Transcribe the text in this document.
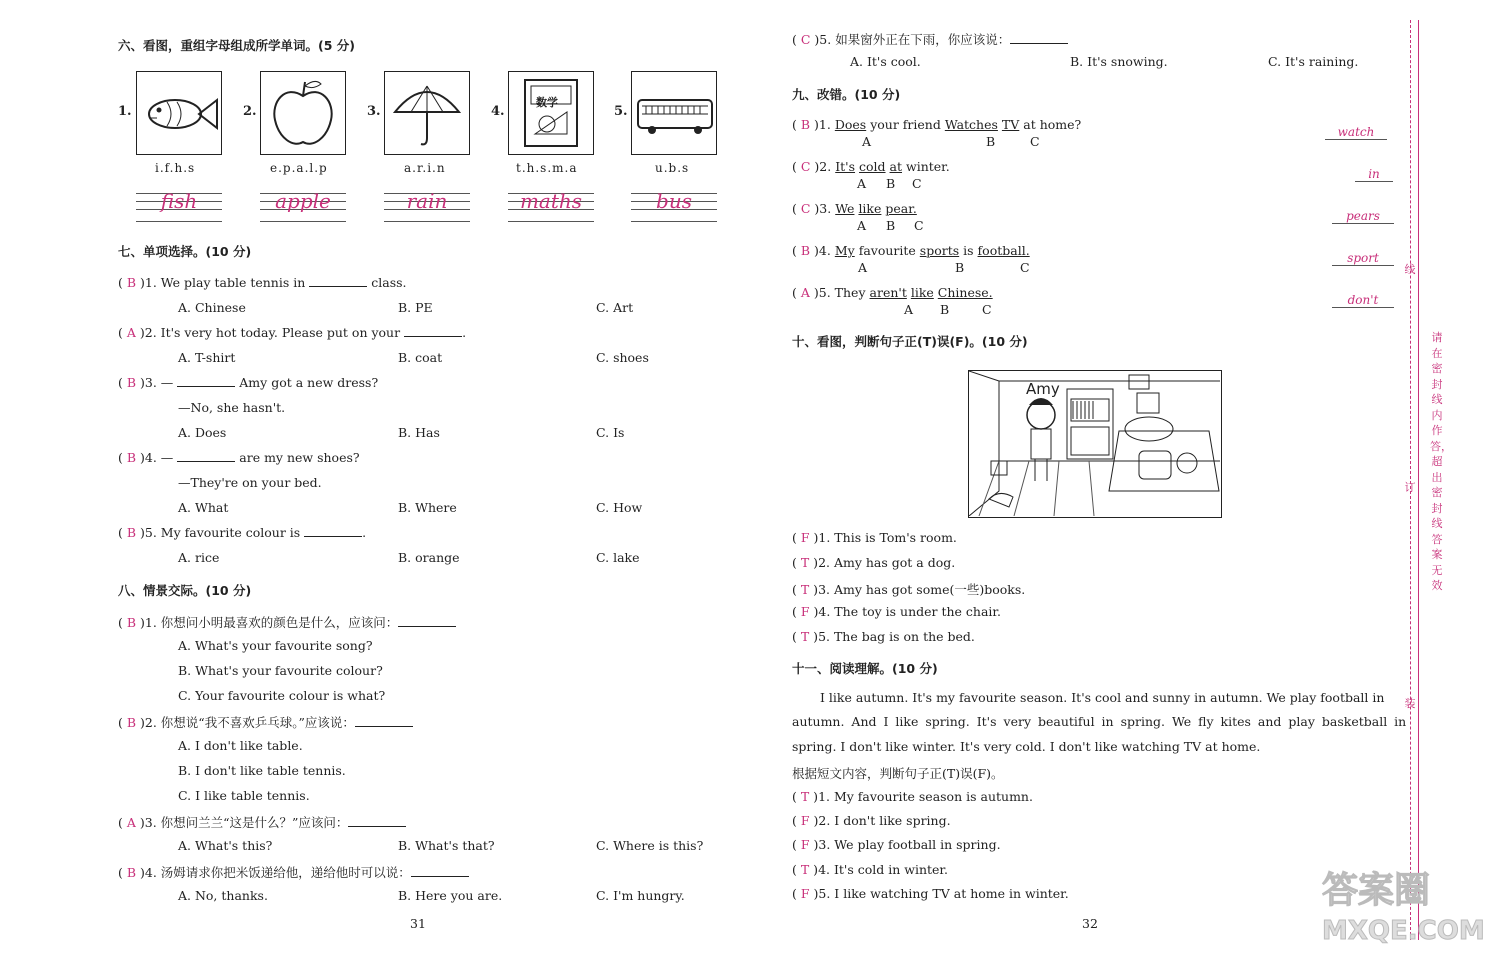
六、看图，重组字母组成所学单词。(5 分)
1.	2.	3.	4.
数学
5.
i.f.h.s	e.p.a.l.p	a.r.i.n	t.h.s.m.a	u.b.s
fish	apple	rain	maths	bus
七、单项选择。(10 分)
( B )1. We play table tennis in	class.
A. Chinese	B. PE	C. Art
( A )2. It's very hot today. Please put on your	.
A. T-shirt	B. coat	C. shoes
( B )3. —	Amy got a new dress?
—No, she hasn't.
A. Does	B. Has	C. Is
( B )4. —	are my new shoes?
—They're on your bed.
A. What	B. Where	C. How
( B )5. My favourite colour is	.
A. rice	B. orange	C. lake
八、情景交际。(10 分)
( B )1. 你想问小明最喜欢的颜色是什么，应该问：
A. What's your favourite song?
B. What's your favourite colour?
C. Your favourite colour is what?
( B )2. 你想说“我不喜欢乒乓球。”应该说：
A. I don't like table.
B. I don't like table tennis.
C. I like table tennis.
( A )3. 你想问兰兰“这是什么？”应该问：
A. What's this?	B. What's that?	C. Where is this?
( B )4. 汤姆请求你把米饭递给他，递给他时可以说：
A. No, thanks.	B. Here you are.	C. I'm hungry.
31
( C )5. 如果窗外正在下雨，你应该说：
A. It's cool.	B. It's snowing.	C. It's raining.
九、改错。(10 分)
( B )1. Does your friend Watches TV at home?
A	B	C
watch
( C )2. It's cold at winter.
A B C
in
( C )3. We like pear.
A B C
pears
( B )4. My favourite sports is football.
A	B	C
sport
( A )5. They aren't like Chinese.
A B	C
don't
十、看图，判断句子正(T)误(F)。(10 分)
Amy
( F )1. This is Tom's room.
( T )2. Amy has got a dog.
( T )3. Amy has got some(一些)books.
( F )4. The toy is under the chair.
( T )5. The bag is on the bed.
十一、阅读理解。(10 分)
I like autumn. It's my favourite season. It's cool and sunny in autumn. We play football in
autumn. And I like spring. It's very beautiful in spring. We fly kites and play basketball in
spring. I don't like winter. It's very cold. I don't like watching TV at home.
根据短文内容，判断句子正(T)误(F)。
( T )1. My favourite season is autumn.
( F )2. I don't like spring.
( F )3. We play football in spring.
( T )4. It's cold in winter.
( F )5. I like watching TV at home in winter.
32
线
订
装
请在密封线内作答，超出密封线答案无效
答案圈
MXQE.COM
